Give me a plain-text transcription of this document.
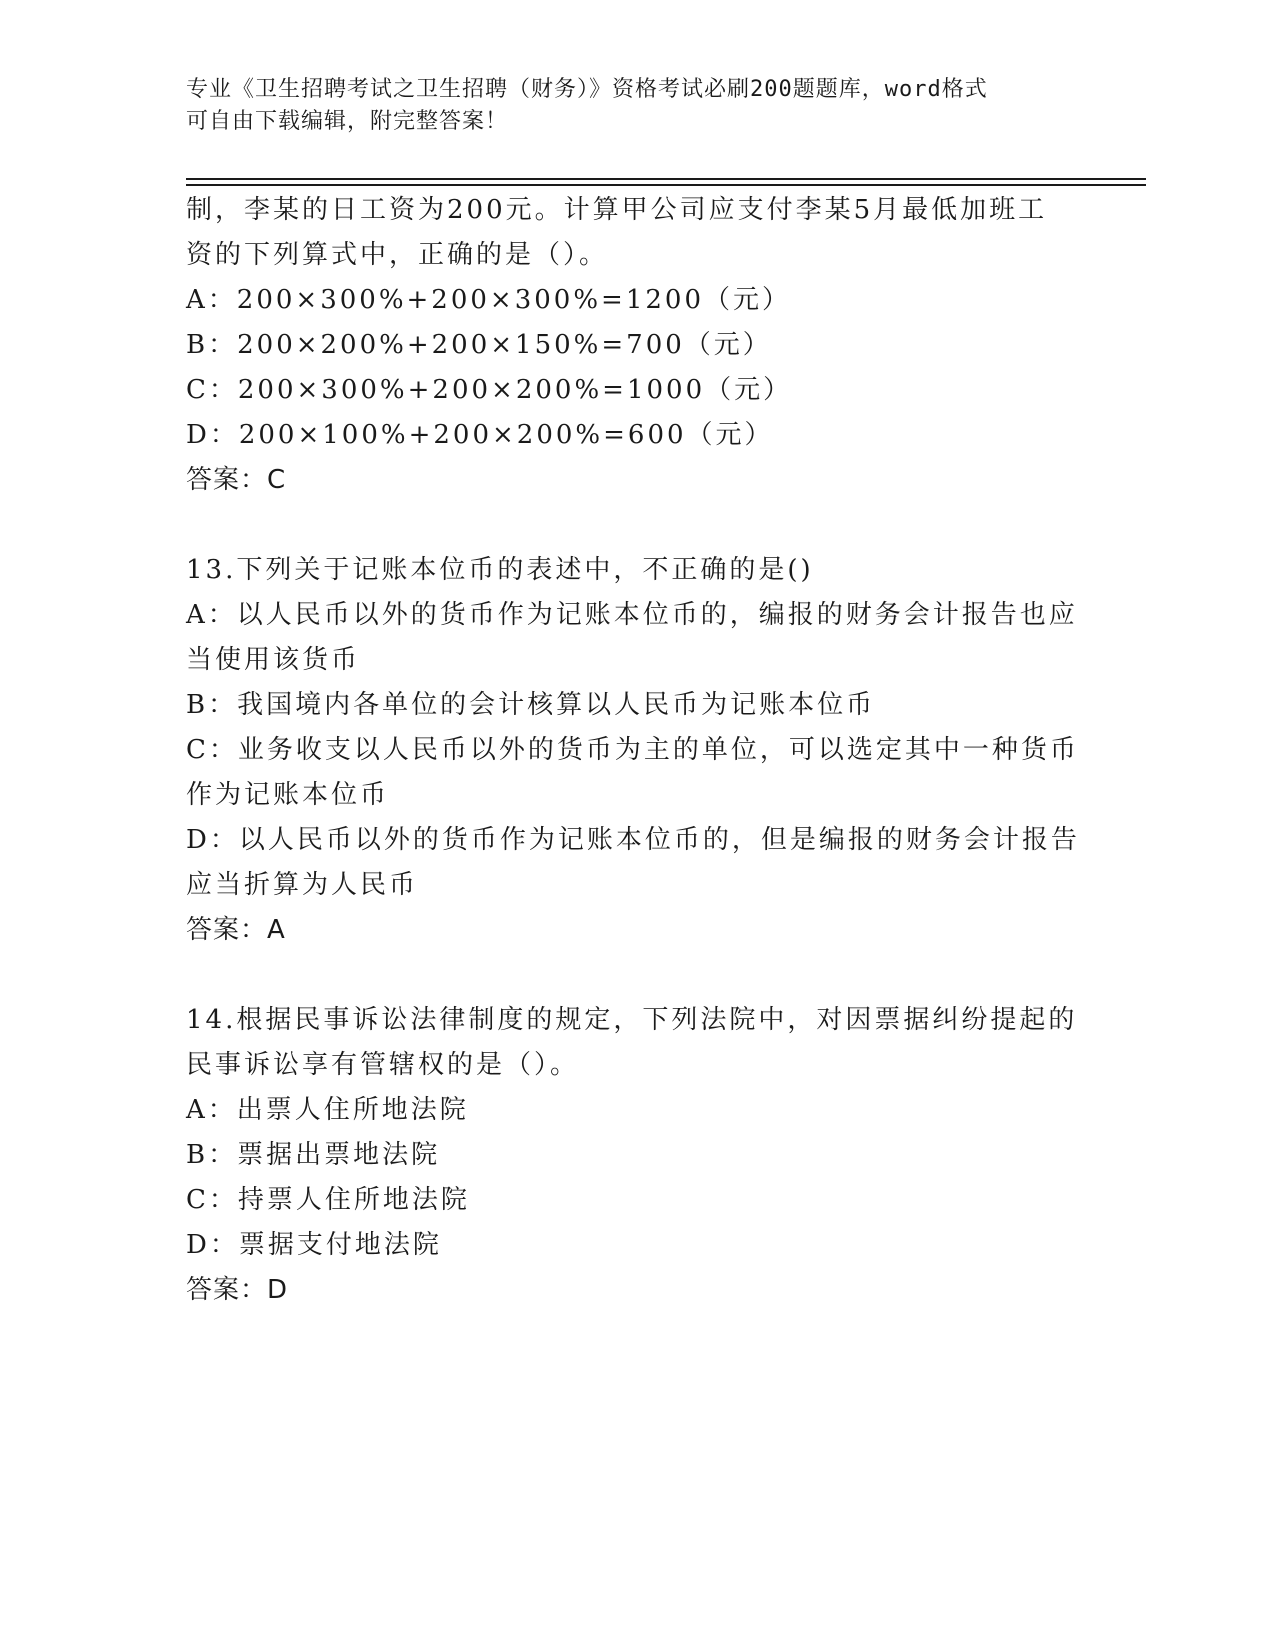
专业《卫生招聘考试之卫生招聘（财务）》资格考试必刷200题题库，word格式
可自由下载编辑，附完整答案！
制，李某的日工资为200元。计算甲公司应支付李某5月最低加班工
资的下列算式中，正确的是（）。
A：200×300%+200×300%=1200（元）
B：200×200%+200×150%=700（元）
C：200×300%+200×200%=1000（元）
D：200×100%+200×200%=600（元）
答案：C
13.下列关于记账本位币的表述中，不正确的是()
A：以人民币以外的货币作为记账本位币的，编报的财务会计报告也应
当使用该货币
B：我国境内各单位的会计核算以人民币为记账本位币
C：业务收支以人民币以外的货币为主的单位，可以选定其中一种货币
作为记账本位币
D：以人民币以外的货币作为记账本位币的，但是编报的财务会计报告
应当折算为人民币
答案：A
14.根据民事诉讼法律制度的规定，下列法院中，对因票据纠纷提起的
民事诉讼享有管辖权的是（）。
A：出票人住所地法院
B：票据出票地法院
C：持票人住所地法院
D：票据支付地法院
答案：D
